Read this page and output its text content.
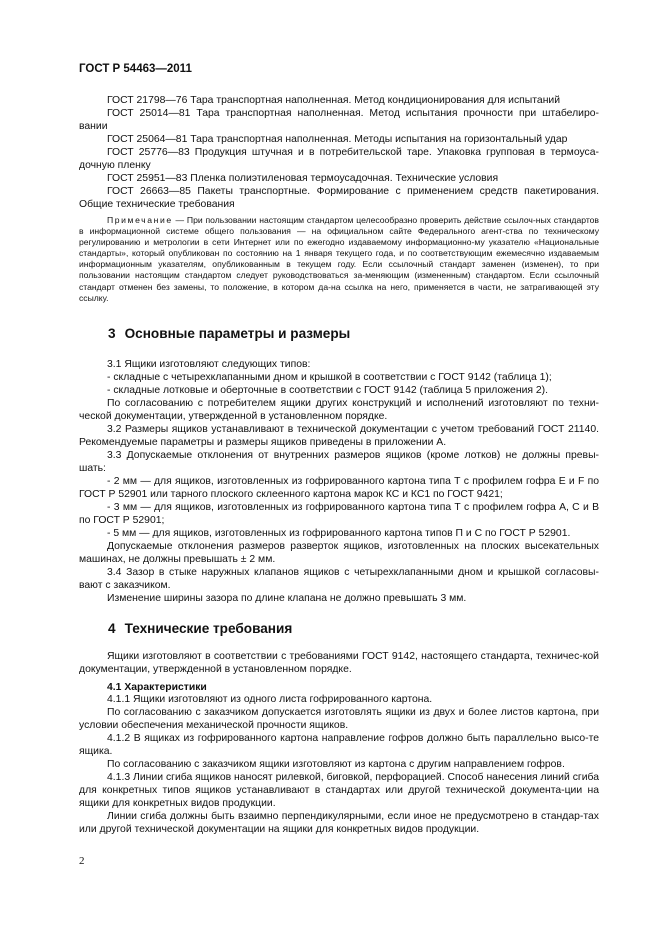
ГОСТ Р 54463—2011

ГОСТ 21798—76 Тара транспортная наполненная. Метод кондиционирования для испытаний

ГОСТ 25014—81 Тара транспортная наполненная. Метод испытания прочности при штабелиро-вании

ГОСТ 25064—81 Тара транспортная наполненная. Методы испытания на горизонтальный удар

ГОСТ 25776—83 Продукция штучная и в потребительской таре. Упаковка групповая в термоуса-дочную пленку

ГОСТ 25951—83 Пленка полиэтиленовая термоусадочная. Технические условия

ГОСТ 26663—85 Пакеты транспортные. Формирование с применением средств пакетирования. Общие технические требования

Примечание — При пользовании настоящим стандартом целесообразно проверить действие ссылоч-ных стандартов в информационной системе общего пользования — на официальном сайте Федерального агент-ства по техническому регулированию и метрологии в сети Интернет или по ежегодно издаваемому информационно-му указателю «Национальные стандарты», который опубликован по состоянию на 1 января текущего года, и по соответствующим ежемесячно издаваемым информационным указателям, опубликованным в текущем году. Если ссылочный стандарт заменен (изменен), то при пользовании настоящим стандартом следует руководствоваться за-меняющим (измененным) стандартом. Если ссылочный стандарт отменен без замены, то положение, в котором да-на ссылка на него, применяется в части, не затрагивающей эту ссылку.

3 Основные параметры и размеры

3.1 Ящики изготовляют следующих типов:

- складные с четырехклапанными дном и крышкой в соответствии с ГОСТ 9142 (таблица 1);

- складные лотковые и оберточные в соответствии с ГОСТ 9142 (таблица 5 приложения 2).

По согласованию с потребителем ящики других конструкций и исполнений изготовляют по техни-ческой документации, утвержденной в установленном порядке.

3.2 Размеры ящиков устанавливают в технической документации с учетом требований ГОСТ 21140. Рекомендуемые параметры и размеры ящиков приведены в приложении А.

3.3 Допускаемые отклонения от внутренних размеров ящиков (кроме лотков) не должны превы-шать:

- 2 мм — для ящиков, изготовленных из гофрированного картона типа Т с профилем гофра Е и F по ГОСТ Р 52901 или тарного плоского склеенного картона марок КС и КС1 по ГОСТ 9421;

- 3 мм — для ящиков, изготовленных из гофрированного картона типа Т с профилем гофра А, С и В по ГОСТ Р 52901;

- 5 мм — для ящиков, изготовленных из гофрированного картона типов П и С по ГОСТ Р 52901.

Допускаемые отклонения размеров разверток ящиков, изготовленных на плоских высекательных машинах, не должны превышать ± 2 мм.

3.4 Зазор в стыке наружных клапанов ящиков с четырехклапанными дном и крышкой согласовы-вают с заказчиком.

Изменение ширины зазора по длине клапана не должно превышать 3 мм.

4 Технические требования

Ящики изготовляют в соответствии с требованиями ГОСТ 9142, настоящего стандарта, техничес-кой документации, утвержденной в установленном порядке.

4.1 Характеристики

4.1.1 Ящики изготовляют из одного листа гофрированного картона.

По согласованию с заказчиком допускается изготовлять ящики из двух и более листов картона, при условии обеспечения механической прочности ящиков.

4.1.2 В ящиках из гофрированного картона направление гофров должно быть параллельно высо-те ящика.

По согласованию с заказчиком ящики изготовляют из картона с другим направлением гофров.

4.1.3 Линии сгиба ящиков наносят рилевкой, биговкой, перфорацией. Способ нанесения линий сгиба для конкретных типов ящиков устанавливают в стандартах или другой технической документа-ции на ящики для конкретных видов продукции.

Линии сгиба должны быть взаимно перпендикулярными, если иное не предусмотрено в стандар-тах или другой технической документации на ящики для конкретных видов продукции.

2
